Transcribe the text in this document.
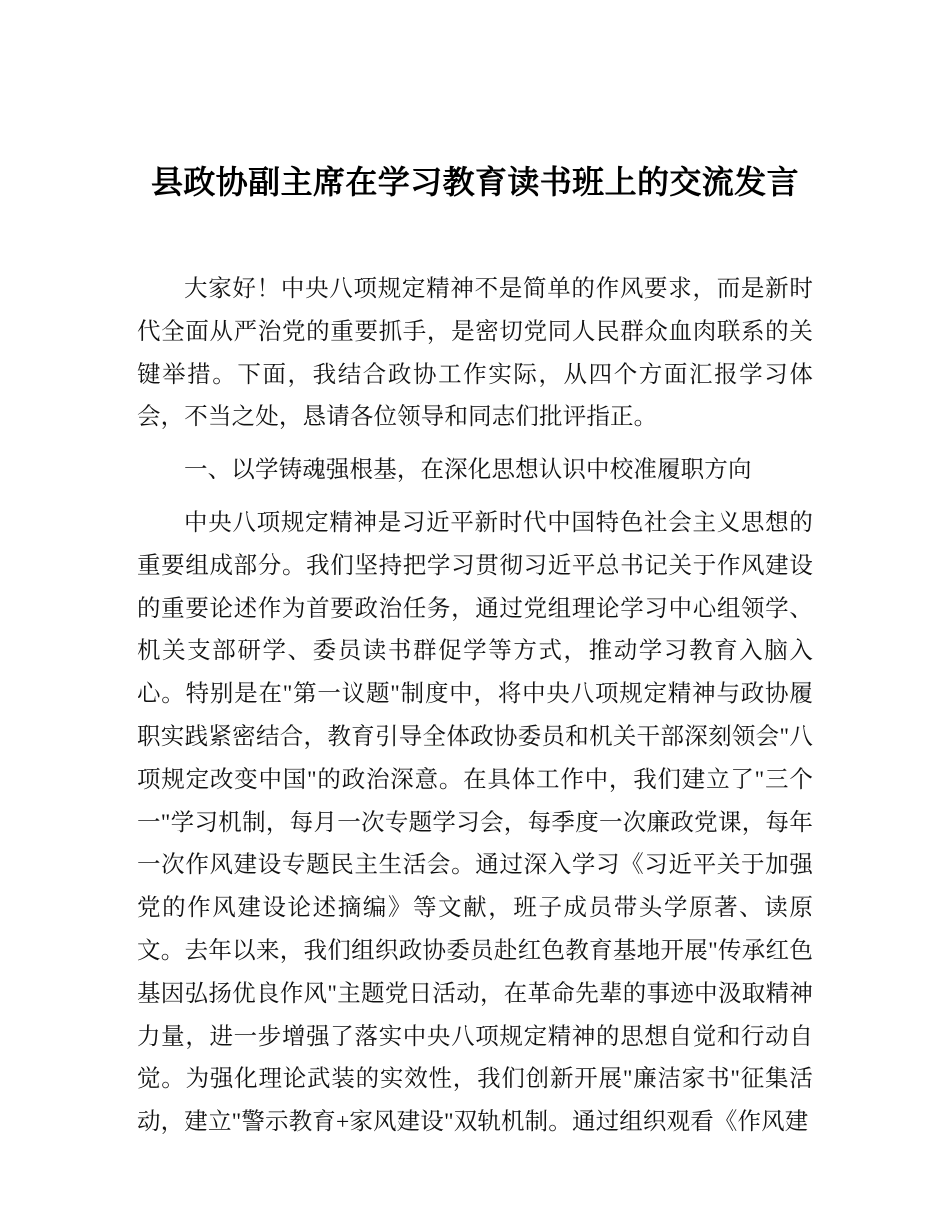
县政协副主席在学习教育读书班上的交流发言

大家好！中央八项规定精神不是简单的作风要求，而是新时代全面从严治党的重要抓手，是密切党同人民群众血肉联系的关键举措。下面，我结合政协工作实际，从四个方面汇报学习体会，不当之处，恳请各位领导和同志们批评指正。

一、以学铸魂强根基，在深化思想认识中校准履职方向

中央八项规定精神是习近平新时代中国特色社会主义思想的重要组成部分。我们坚持把学习贯彻习近平总书记关于作风建设的重要论述作为首要政治任务，通过党组理论学习中心组领学、机关支部研学、委员读书群促学等方式，推动学习教育入脑入心。特别是在"第一议题"制度中，将中央八项规定精神与政协履职实践紧密结合，教育引导全体政协委员和机关干部深刻领会"八项规定改变中国"的政治深意。在具体工作中，我们建立了"三个一"学习机制，每月一次专题学习会，每季度一次廉政党课，每年一次作风建设专题民主生活会。通过深入学习《习近平关于加强党的作风建设论述摘编》等文献，班子成员带头学原著、读原文。去年以来，我们组织政协委员赴红色教育基地开展"传承红色基因弘扬优良作风"主题党日活动，在革命先辈的事迹中汲取精神力量，进一步增强了落实中央八项规定精神的思想自觉和行动自觉。为强化理论武装的实效性，我们创新开展"廉洁家书"征集活动，建立"警示教育+家风建设"双轨机制。通过组织观看《作风建
